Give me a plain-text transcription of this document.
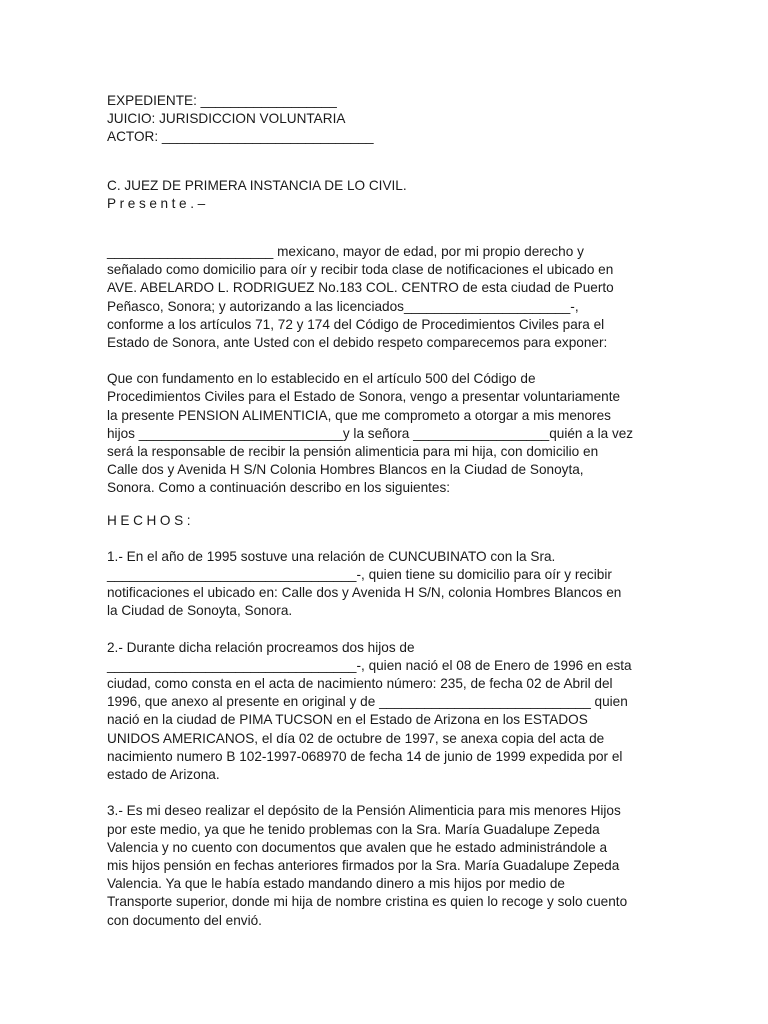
EXPEDIENTE: __________________
JUICIO: JURISDICCION VOLUNTARIA
ACTOR: ____________________________
C. JUEZ DE PRIMERA INSTANCIA DE LO CIVIL.
Presente.–
______________________ mexicano, mayor de edad, por mi propio derecho y
señalado como domicilio para oír y recibir toda clase de notificaciones el ubicado en
AVE. ABELARDO L. RODRIGUEZ No.183 COL. CENTRO de esta ciudad de Puerto
Peñasco, Sonora; y autorizando a las licenciados______________________-,
conforme a los artículos 71, 72 y 174 del Código de Procedimientos Civiles para el
Estado de Sonora, ante Usted con el debido respeto comparecemos para exponer:
Que con fundamento en lo establecido en el artículo 500 del Código de
Procedimientos Civiles para el Estado de Sonora, vengo a presentar voluntariamente
la presente PENSION ALIMENTICIA, que me comprometo a otorgar a mis menores
hijos ___________________________y la señora __________________quién a la vez
será la responsable de recibir la pensión alimenticia para mi hija, con domicilio en
Calle dos y Avenida H S/N Colonia Hombres Blancos en la Ciudad de Sonoyta,
Sonora. Como a continuación describo en los siguientes:
HECHOS:
1.- En el año de 1995 sostuve una relación de CUNCUBINATO con la Sra.
_________________________________-, quien tiene su domicilio para oír y recibir
notificaciones el ubicado en: Calle dos y Avenida H S/N, colonia Hombres Blancos en
la Ciudad de Sonoyta, Sonora.
2.- Durante dicha relación procreamos dos hijos de
_________________________________-, quien nació el 08 de Enero de 1996 en esta
ciudad, como consta en el acta de nacimiento número: 235, de fecha 02 de Abril del
1996, que anexo al presente en original y de ____________________________ quien
nació en la ciudad de PIMA TUCSON en el Estado de Arizona en los ESTADOS
UNIDOS AMERICANOS, el día 02 de octubre de 1997, se anexa copia del acta de
nacimiento numero B 102-1997-068970 de fecha 14 de junio de 1999 expedida por el
estado de Arizona.
3.- Es mi deseo realizar el depósito de la Pensión Alimenticia para mis menores Hijos
por este medio, ya que he tenido problemas con la Sra. María Guadalupe Zepeda
Valencia y no cuento con documentos que avalen que he estado administrándole a
mis hijos pensión en fechas anteriores firmados por la Sra. María Guadalupe Zepeda
Valencia. Ya que le había estado mandando dinero a mis hijos por medio de
Transporte superior, donde mi hija de nombre cristina es quien lo recoge y solo cuento
con documento del envió.
